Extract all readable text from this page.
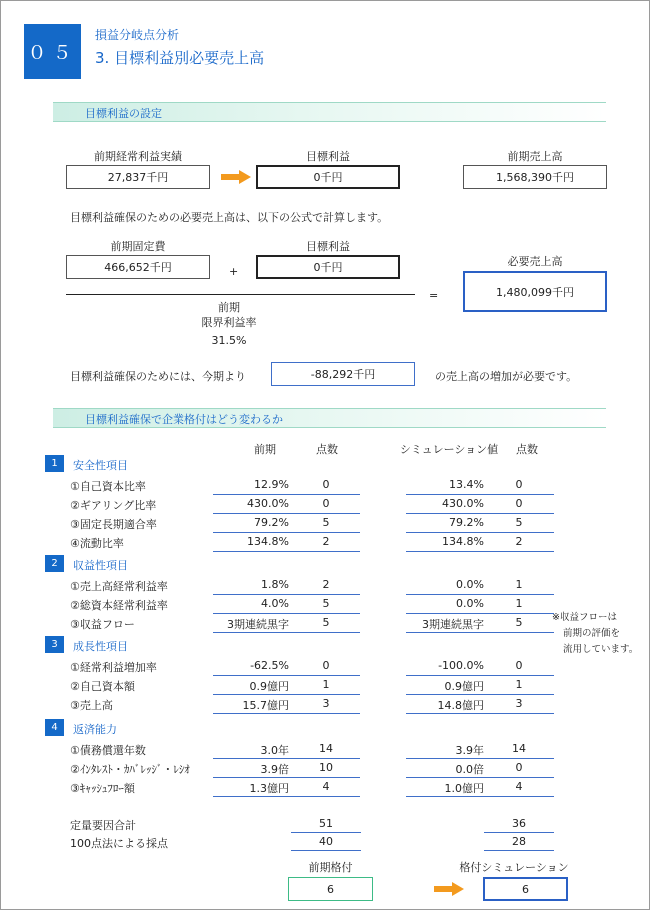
０５
損益分岐点分析
3. 目標利益別必要売上高
目標利益の設定
前期経常利益実績
27,837千円
目標利益
0千円
前期売上高
1,568,390千円
目標利益確保のための必要売上高は、以下の公式で計算します。
前期固定費
466,652千円	+
目標利益
0千円
=
必要売上高
1,480,099千円
前期
限界利益率
31.5%
目標利益確保のためには、今期より	-88,292千円	の売上高の増加が必要です。
目標利益確保で企業格付はどう変わるか
前期	点数	シミュレーション値	点数
1	安全性項目
①自己資本比率	12.9%	0	13.4%	0
②ギアリング比率	430.0%	0	430.0%	0
③固定長期適合率	79.2%	5	79.2%	5
④流動比率	134.8%	2	134.8%	2
2	収益性項目
①売上高経常利益率	1.8%	2	0.0%	1
②総資本経常利益率	4.0%	5	0.0%	1
③収益フロー	3期連続黒字	5	3期連続黒字	5
3	成長性項目
①経常利益増加率	-62.5%	0	-100.0%	0
②自己資本額	0.9億円	1	0.9億円	1
③売上高	15.7億円	3	14.8億円	3
4	返済能力
①債務償還年数	3.0年	14	3.9年	14
②ｲﾝﾀﾚｽﾄ・ｶﾊﾞﾚｯｼﾞ・ﾚｼｵ	3.9倍	10	0.0倍	0
③ｷｬｯｼｭﾌﾛｰ額	1.3億円	4	1.0億円	4
※収益フローは
前期の評価を
流用しています。
定量要因合計	51	36
100点法による採点	40	28
前期格付
6
格付シミュレーション
6
